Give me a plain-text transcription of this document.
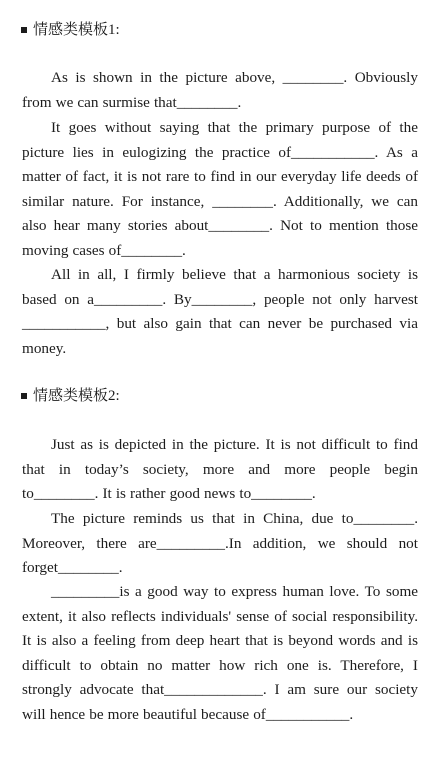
情感类模板1:

As is shown in the picture above, ________. Obviously from we can surmise that________.

It goes without saying that the primary purpose of the picture lies in eulogizing the practice of___________. As a matter of fact, it is not rare to find in our everyday life deeds of similar nature. For instance, ________. Additionally, we can also hear many stories about________. Not to mention those moving cases of________.

All in all, I firmly believe that a harmonious society is based on a_________. By________, people not only harvest ___________, but also gain that can never be purchased via money.

情感类模板2:

Just as is depicted in the picture. It is not difficult to find that in today’s society, more and more people begin to________. It is rather good news to________.

The picture reminds us that in China, due to________. Moreover, there are_________.In addition, we should not forget________.

_________is a good way to express human love. To some extent, it also reflects individuals' sense of social responsibility. It is also a feeling from deep heart that is beyond words and is difficult to obtain no matter how rich one is. Therefore, I strongly advocate that_____________. I am sure our society will hence be more beautiful because of___________.
